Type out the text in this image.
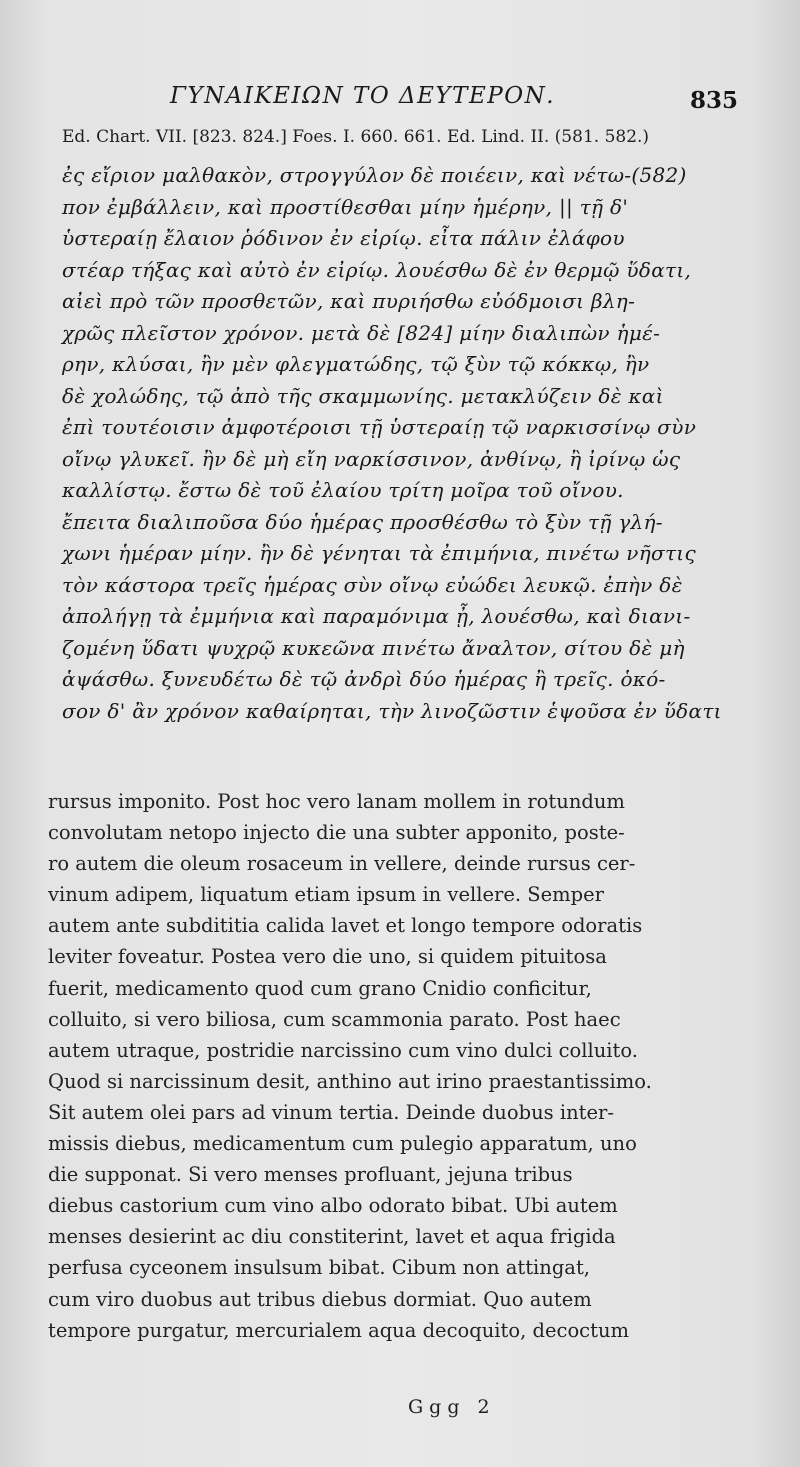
ΓΥΝΑΙΚΕΙΩΝ ΤΟ ΔΕΥΤΕΡΟΝ.	835
Ed. Chart. VII. [823. 824.] Foes. I. 660. 661. Ed. Lind. II. (581. 582.)
ἐς εἴριον μαλθακὸν, στρογγύλον δὲ ποιέειν, καὶ νέτω-(582)
πον ἐμβάλλειν, καὶ προστίθεσθαι μίην ἡμέρην, || τῇ δ'
ὑστεραίῃ ἔλαιον ῥόδινον ἐν εἰρίῳ. εἶτα πάλιν ἐλάφου
στέαρ τήξας καὶ αὐτὸ ἐν εἰρίῳ. λουέσθω δὲ ἐν θερμῷ ὕδατι,
αἰεὶ πρὸ τῶν προσθετῶν, καὶ πυριήσθω εὐόδμοισι βλη-
χρῶς πλεῖστον χρόνον. μετὰ δὲ [824] μίην διαλιπὼν ἡμέ-
ρην, κλύσαι, ἢν μὲν φλεγματώδης, τῷ ξὺν τῷ κόκκῳ, ἢν
δὲ χολώδης, τῷ ἀπὸ τῆς σκαμμωνίης. μετακλύζειν δὲ καὶ
ἐπὶ τουτέοισιν ἀμφοτέροισι τῇ ὑστεραίῃ τῷ ναρκισσίνῳ σὺν
οἴνῳ γλυκεῖ. ἢν δὲ μὴ εἴη ναρκίσσινον, ἀνθίνῳ, ἢ ἰρίνῳ ὡς
καλλίστῳ. ἔστω δὲ τοῦ ἐλαίου τρίτη μοῖρα τοῦ οἴνου.
ἔπειτα διαλιποῦσα δύο ἡμέρας προσθέσθω τὸ ξὺν τῇ γλή-
χωνι ἡμέραν μίην. ἢν δὲ γένηται τὰ ἐπιμήνια, πινέτω νῆστις
τὸν κάστορα τρεῖς ἡμέρας σὺν οἴνῳ εὐώδει λευκῷ. ἐπὴν δὲ
ἀπολήγῃ τὰ ἐμμήνια καὶ παραμόνιμα ᾖ, λουέσθω, καὶ διανι-
ζομένη ὕδατι ψυχρῷ κυκεῶνα πινέτω ἄναλτον, σίτου δὲ μὴ
ἁψάσθω. ξυνευδέτω δὲ τῷ ἀνδρὶ δύο ἡμέρας ἢ τρεῖς. ὁκό-
σον δ' ἂν χρόνον καθαίρηται, τὴν λινοζῶστιν ἑψοῦσα ἐν ὕδατι
rursus imponito. Post hoc vero lanam mollem in rotundum
convolutam netopo injecto die una subter apponito, poste-
ro autem die oleum rosaceum in vellere, deinde rursus cer-
vinum adipem, liquatum etiam ipsum in vellere. Semper
autem ante subdititia calida lavet et longo tempore odoratis
leviter foveatur. Postea vero die uno, si quidem pituitosa
fuerit, medicamento quod cum grano Cnidio conficitur,
colluito, si vero biliosa, cum scammonia parato. Post haec
autem utraque, postridie narcissino cum vino dulci colluito.
Quod si narcissinum desit, anthino aut irino praestantissimo.
Sit autem olei pars ad vinum tertia. Deinde duobus inter-
missis diebus, medicamentum cum pulegio apparatum, uno
die supponat. Si vero menses profluant, jejuna tribus
diebus castorium cum vino albo odorato bibat. Ubi autem
menses desierint ac diu constiterint, lavet et aqua frigida
perfusa cyceonem insulsum bibat. Cibum non attingat,
cum viro duobus aut tribus diebus dormiat. Quo autem
tempore purgatur, mercurialem aqua decoquito, decoctum
Ggg 2
